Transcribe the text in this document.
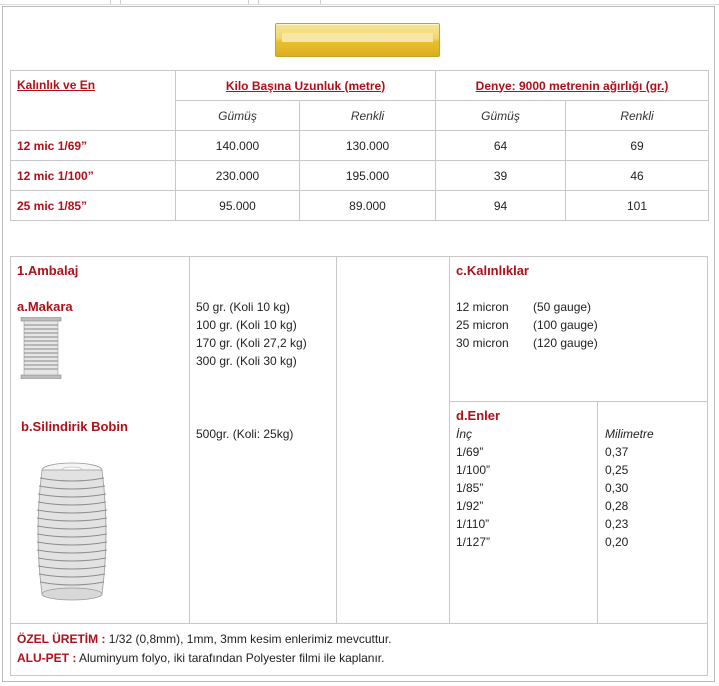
Kalınlık ve En	Kilo Başına Uzunluk (metre)		Denye: 9000 metrenin ağırlığı (gr.)	
	Gümüş	Renkli	Gümüş	Renkli
12 mic 1/69”	140.000	130.000	64	69
12 mic 1/100”	230.000	195.000	39	46
25 mic 1/85”	95.000	89.000	94	101
1.Ambalaj
a.Makara
b.Silindirik Bobin
50 gr. (Koli 10 kg)
100 gr. (Koli 10 kg)
170 gr. (Koli 27,2 kg)
300 gr. (Koli 30 kg)
500gr. (Koli: 25kg)
c.Kalınlıklar
12 micron (50 gauge)
25 micron (100 gauge)
30 micron (120 gauge)
d.Enler
İnç	Milimetre
1/69”	0,37
1/100”	0,25
1/85”	0,30
1/92”	0,28
1/110”	0,23
1/127”	0,20
ÖZEL ÜRETİM : 1/32 (0,8mm), 1mm, 3mm kesim enlerimiz mevcuttur.
ALU-PET : Aluminyum folyo, iki tarafından Polyester filmi ile kaplanır.
